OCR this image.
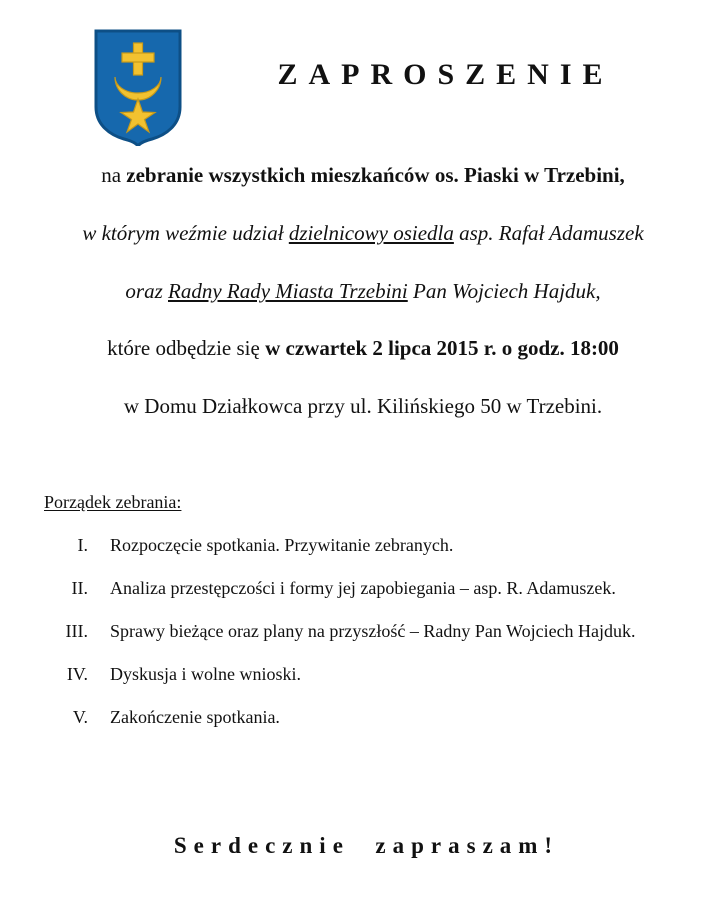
ZAPROSZENIE
na zebranie wszystkich mieszkańców os. Piaski w Trzebini,
w którym weźmie udział dzielnicowy osiedla asp. Rafał Adamuszek
oraz Radny Rady Miasta Trzebini Pan Wojciech Hajduk,
które odbędzie się w czwartek 2 lipca 2015 r. o godz. 18:00
w Domu Działkowca przy ul. Kilińskiego 50 w Trzebini.
Porządek zebrania:
I. Rozpoczęcie spotkania. Przywitanie zebranych.
II. Analiza przestępczości i formy jej zapobiegania – asp. R. Adamuszek.
III. Sprawy bieżące oraz plany na przyszłość – Radny Pan Wojciech Hajduk.
IV. Dyskusja i wolne wnioski.
V. Zakończenie spotkania.
Serdecznie  zapraszam!
